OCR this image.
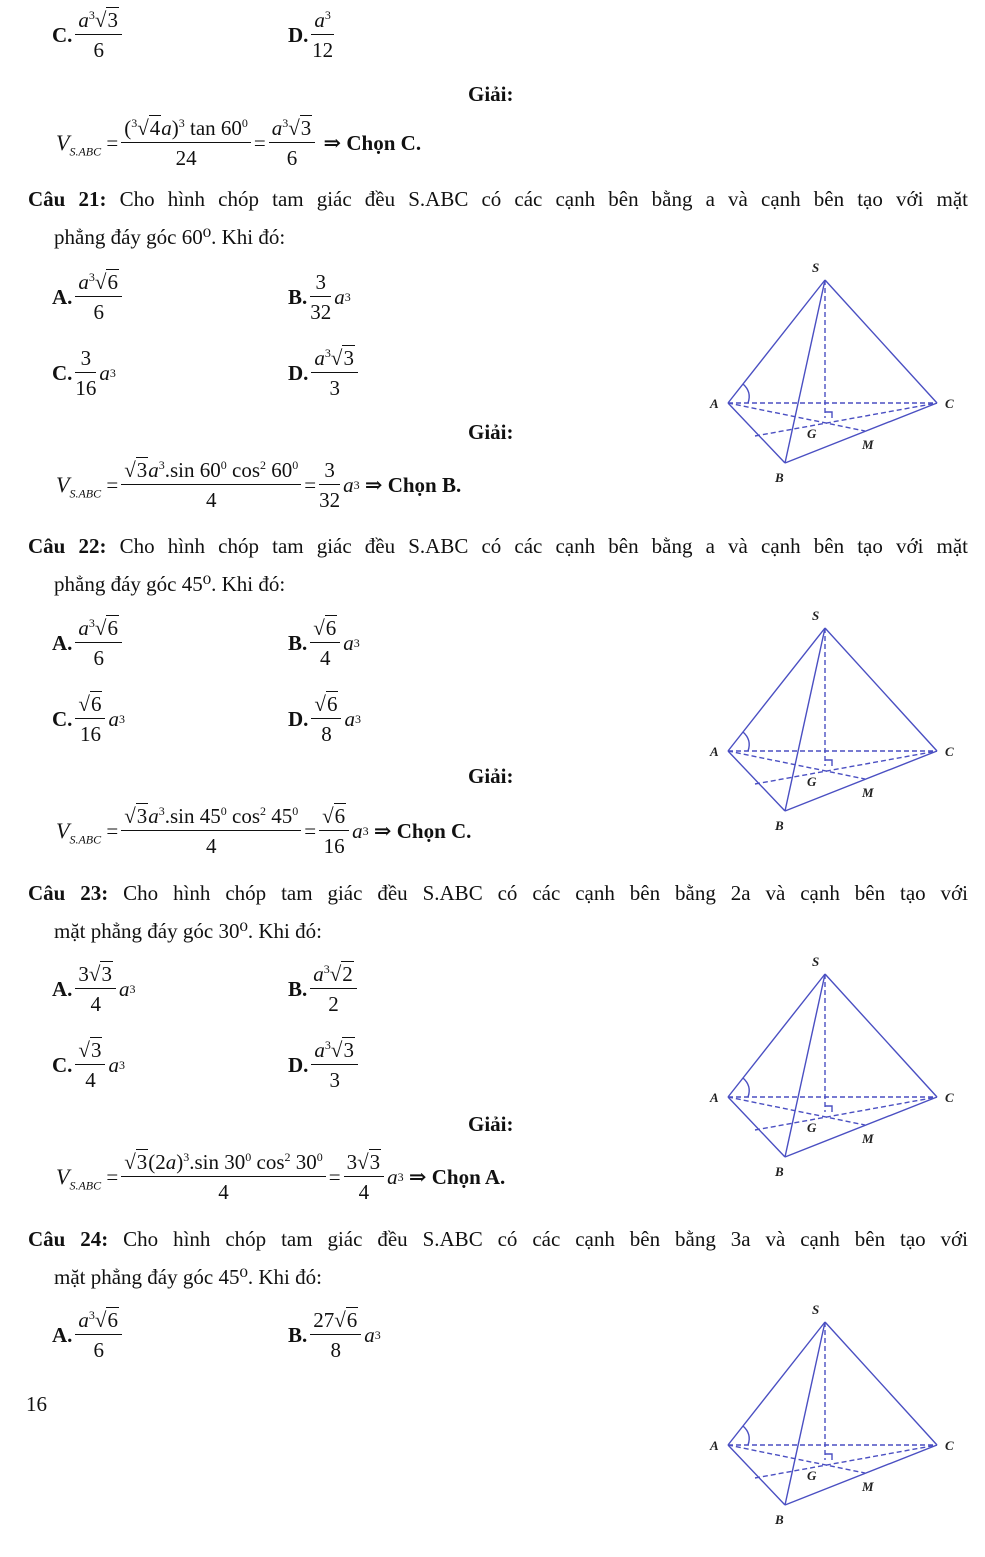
C. $\frac{a^3√3}{6}$	D. $\frac{a^3}{12}$
Giải:
$V_{S.ABC} = \frac{(^3√4a)^3 \tan 60^0}{24} = \frac{a^3√3}{6}$
⇒ Chọn C.
Câu 21: Cho hình chóp tam giác đều S.ABC có các cạnh bên bằng a và cạnh bên tạo với mặt
phẳng đáy góc 60⁰. Khi đó:
A. $\frac{a^3√6}{6}$	B. $\frac{3}{32}$ a 3
C. $\frac{3}{16}$ a 3	D. $\frac{a^3√3}{3}$
Giải:
$V_{S.ABC} = \frac{√3a^3.\sin 60^0 \cos^2 60^0}{4} = \frac{3}{32}$ a 3
⇒ Chọn B.
Câu 22: Cho hình chóp tam giác đều S.ABC có các cạnh bên bằng a và cạnh bên tạo với mặt
phẳng đáy góc 45⁰. Khi đó:
A. $\frac{a^3√6}{6}$	B. $\frac{√6}{4}$ a 3
C. $\frac{√6}{16}$ a 3	D. $\frac{√6}{8}$ a 3
Giải:
$V_{S.ABC} = \frac{√3a^3.\sin 45^0 \cos^2 45^0}{4} = \frac{√6}{16}$ a 3
⇒ Chọn C.
Câu 23: Cho hình chóp tam giác đều S.ABC có các cạnh bên bằng 2a và cạnh bên tạo với
mặt phẳng đáy góc 30⁰. Khi đó:
A. $\frac{3√3}{4}$ a 3	B. $\frac{a^3√2}{2}$
C. $\frac{√3}{4}$ a 3	D. $\frac{a^3√3}{3}$
Giải:
$V_{S.ABC} = \frac{√3(2a)^3.\sin 30^0 \cos^2 30^0}{4} = \frac{3√3}{4}$ a 3
⇒ Chọn A.
Câu 24: Cho hình chóp tam giác đều S.ABC có các cạnh bên bằng 3a và cạnh bên tạo với
mặt phẳng đáy góc 45⁰. Khi đó:
A. $\frac{a^3√6}{6}$	B. $\frac{27√6}{8}$ a 3
16
S
A	C
B
G
M
S
A	C
B
G
M
S
A	C
B
G
M
S
A	C
B
G
M
